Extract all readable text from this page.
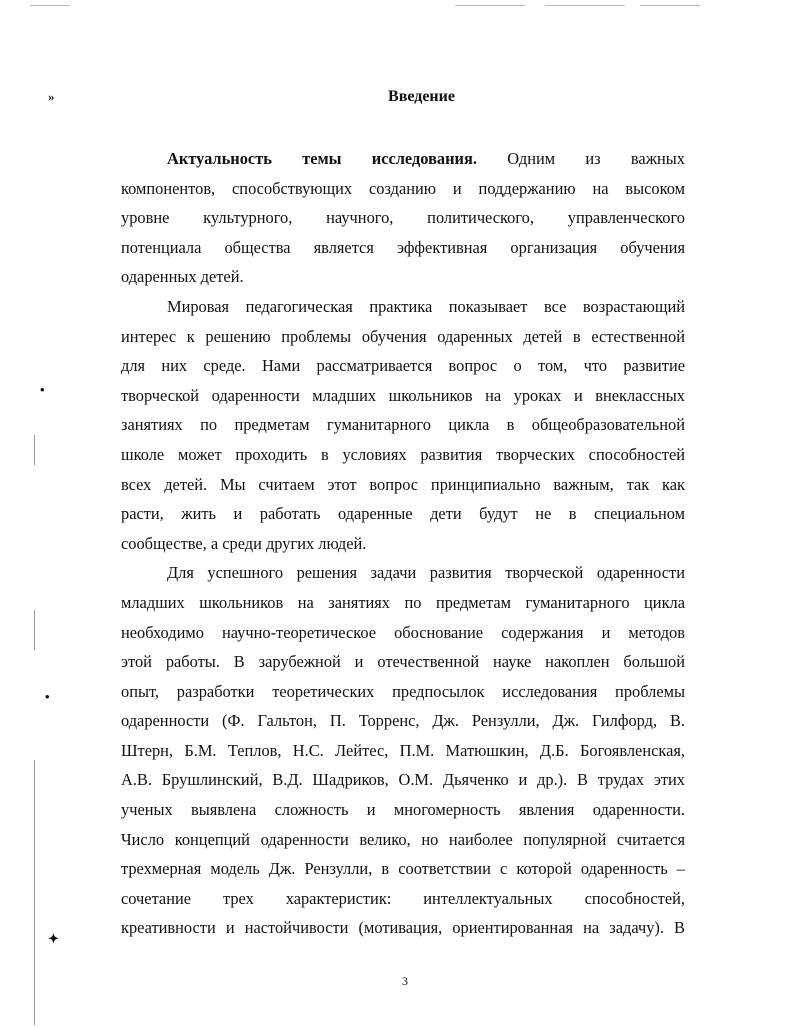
»
•
•
✦
Введение
Актуальность темы исследования. Одним из важных
компонентов, способствующих созданию и поддержанию на высоком
уровне культурного, научного, политического, управленческого
потенциала общества является эффективная организация обучения
одаренных детей.
Мировая педагогическая практика показывает все возрастающий
интерес к решению проблемы обучения одаренных детей в естественной
для них среде. Нами рассматривается вопрос о том, что развитие
творческой одаренности младших школьников на уроках и внеклассных
занятиях по предметам гуманитарного цикла в общеобразовательной
школе может проходить в условиях развития творческих способностей
всех детей. Мы считаем этот вопрос принципиально важным, так как
расти, жить и работать одаренные дети будут не в специальном
сообществе, а среди других людей.
Для успешного решения задачи развития творческой одаренности
младших школьников на занятиях по предметам гуманитарного цикла
необходимо научно-теоретическое обоснование содержания и методов
этой работы. В зарубежной и отечественной науке накоплен большой
опыт, разработки теоретических предпосылок исследования проблемы
одаренности (Ф. Гальтон, П. Торренс, Дж. Рензулли, Дж. Гилфорд, В.
Штерн, Б.М. Теплов, Н.С. Лейтес, П.М. Матюшкин, Д.Б. Богоявленская,
А.В. Брушлинский, В.Д. Шадриков, О.М. Дьяченко и др.). В трудах этих
ученых выявлена сложность и многомерность явления одаренности.
Число концепций одаренности велико, но наиболее популярной считается
трехмерная модель Дж. Рензулли, в соответствии с которой одаренность –
сочетание трех характеристик: интеллектуальных способностей,
креативности и настойчивости (мотивация, ориентированная на задачу). В
3
